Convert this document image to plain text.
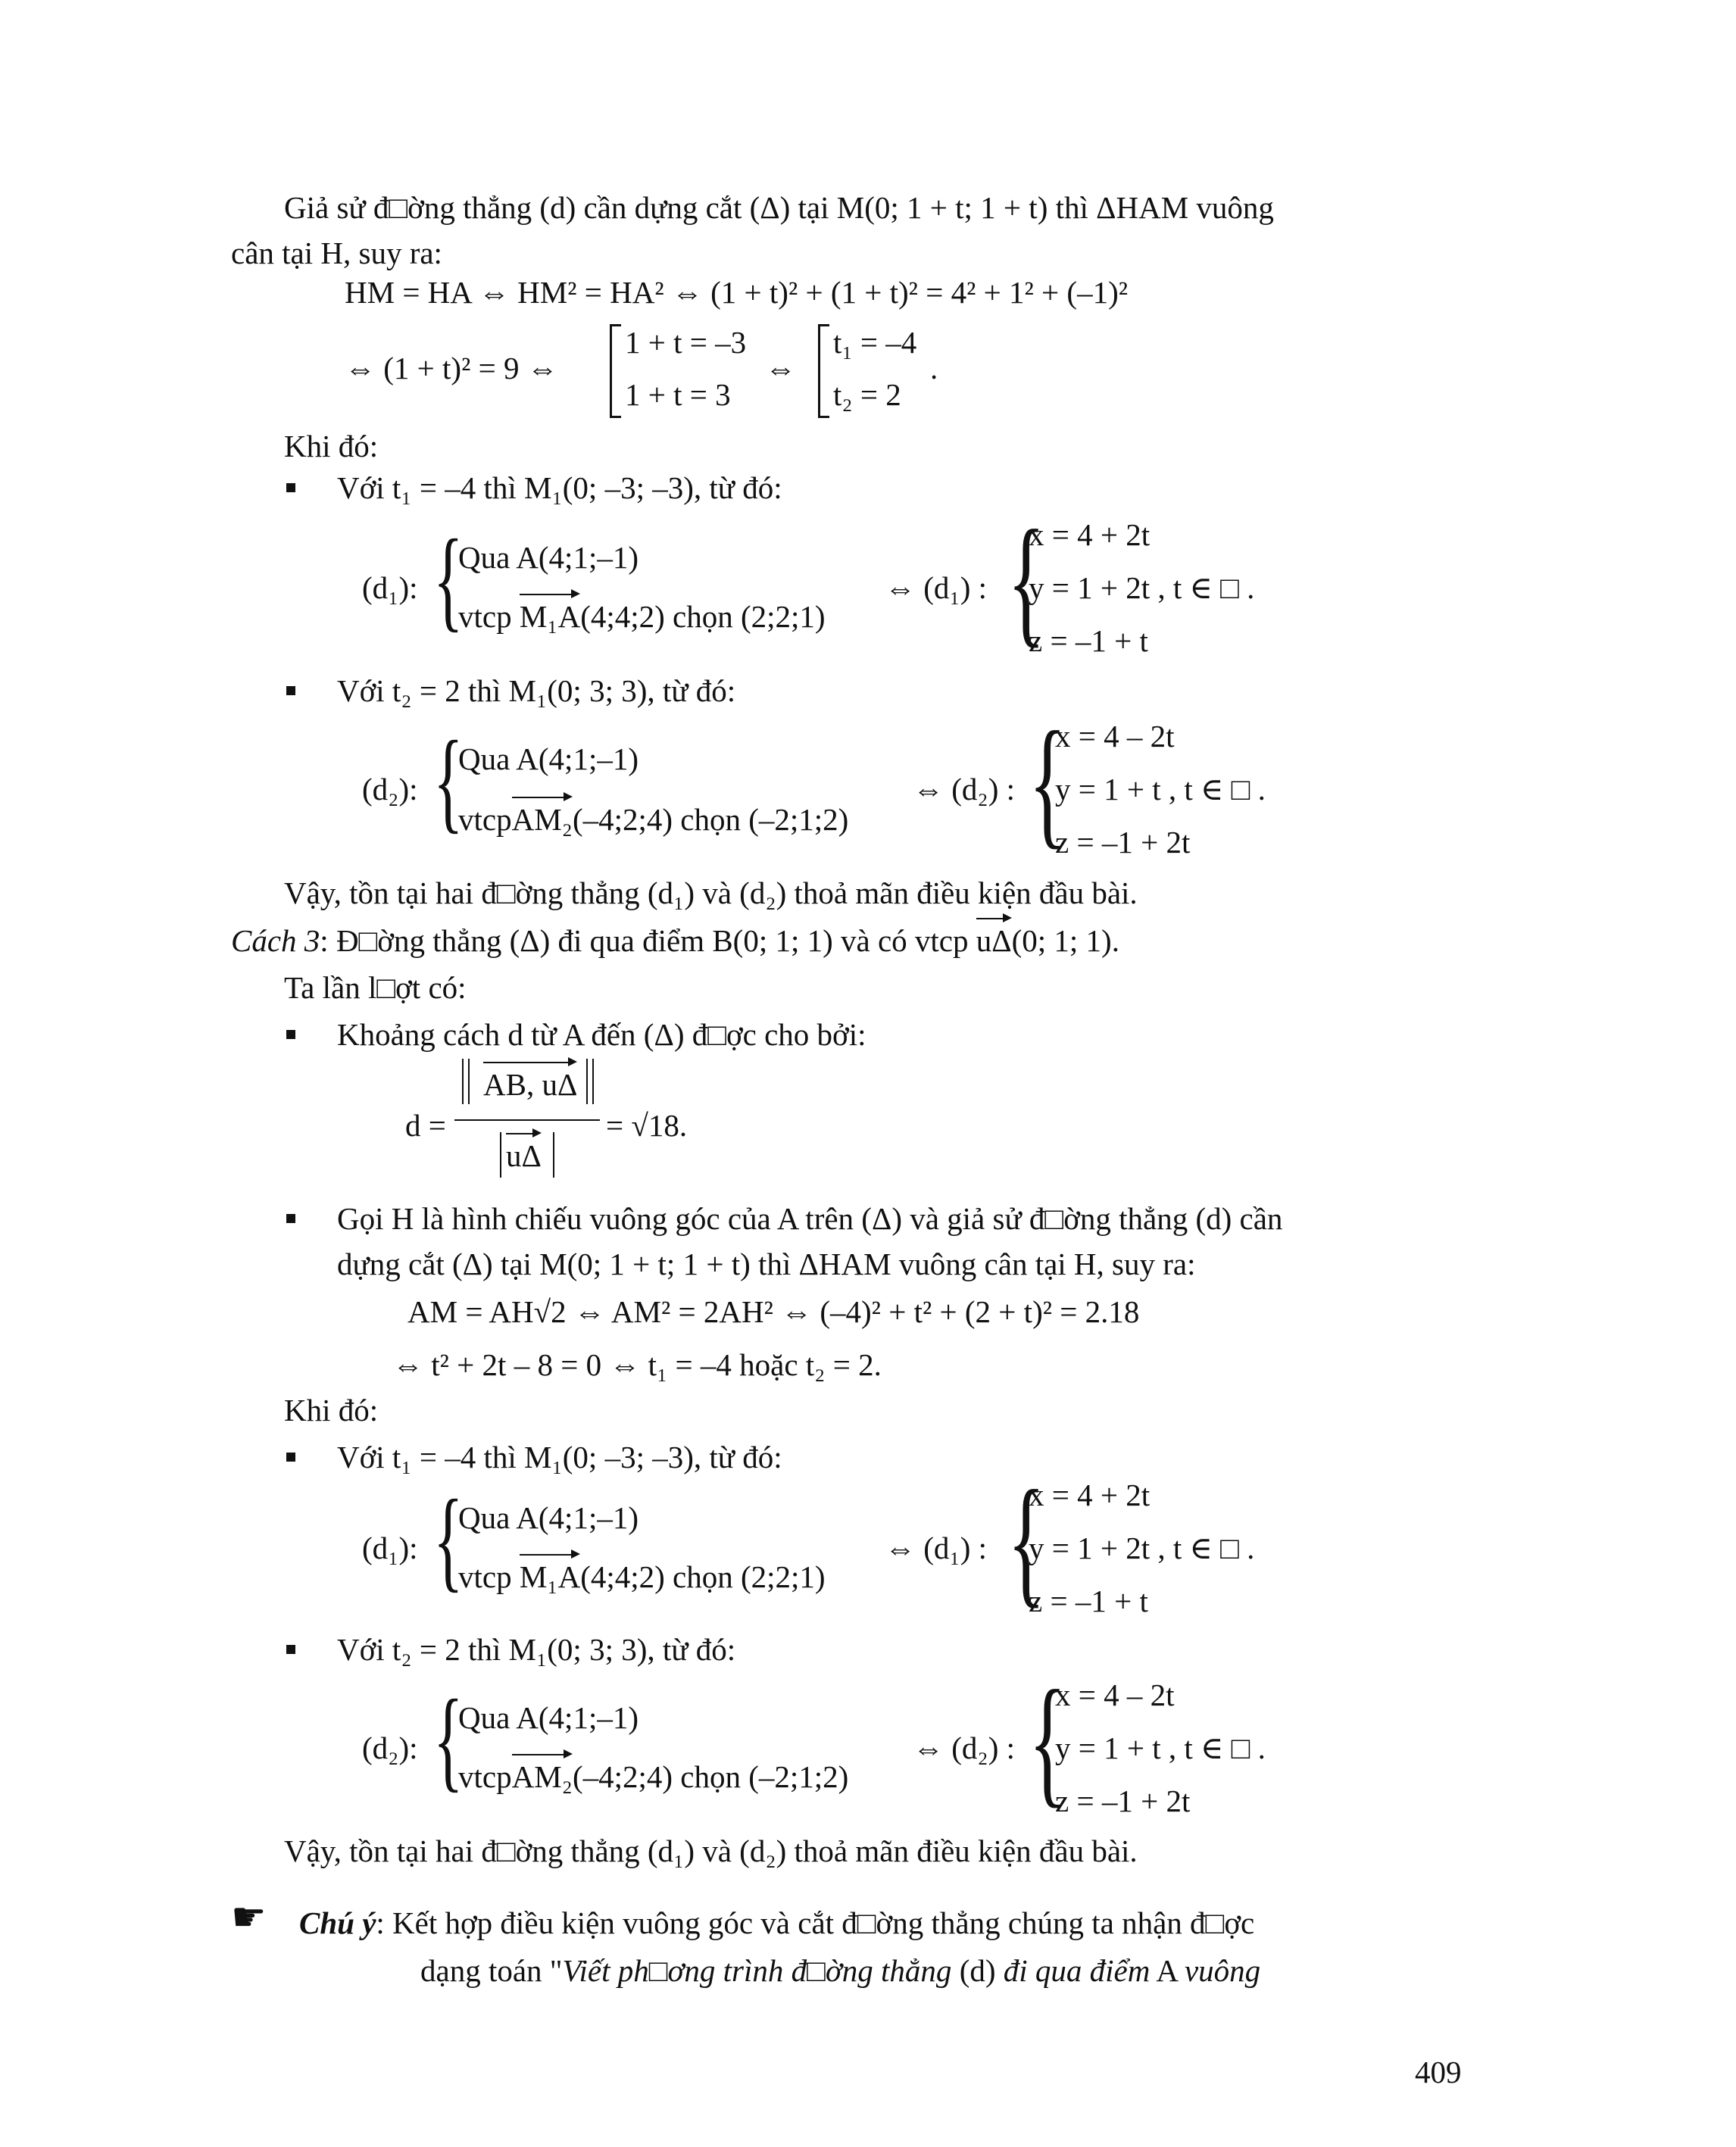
Giả sử đ□ờng thẳng (d) cần dựng cắt (Δ) tại M(0; 1 + t; 1 + t) thì ΔHAM vuông
cân tại H, suy ra:
HM = HA ⇔ HM² = HA² ⇔ (1 + t)² + (1 + t)² = 4² + 1² + (–1)²
⇔ (1 + t)² = 9 ⇔
1 + t = –3
1 + t = 3
⇔
t₁ = –4
t₂ = 2
.
Khi đó:
Với t₁ = –4 thì M₁(0; –3; –3), từ đó:
(d₁): {
Qua A(4;1;–1)
vtcp M₁A(4;4;2) chọn (2;2;1)
⇔ (d₁) : {
x = 4 + 2t
y = 1 + 2t , t ∈ □ .
z = –1 + t
Với t₂ = 2 thì M₁(0; 3; 3), từ đó:
(d₂): {
Qua A(4;1;–1)
vtcpAM₂(–4;2;4) chọn (–2;1;2)
⇔ (d₂) : {
x = 4 – 2t
y = 1 + t , t ∈ □ .
z = –1 + 2t
Vậy, tồn tại hai đ□ờng thẳng (d₁) và (d₂) thoả mãn điều kiện đầu bài.
Cách 3: Đ□ờng thẳng (Δ) đi qua điểm B(0; 1; 1) và có vtcp uΔ(0; 1; 1).
Ta lần l□ợt có:
Khoảng cách d từ A đến (Δ) đ□ợc cho bởi:
d =
AB, uΔ
uΔ
= √18.
Gọi H là hình chiếu vuông góc của A trên (Δ) và giả sử đ□ờng thẳng (d) cần
dựng cắt (Δ) tại M(0; 1 + t; 1 + t) thì ΔHAM vuông cân tại H, suy ra:
AM = AH√2 ⇔ AM² = 2AH² ⇔ (–4)² + t² + (2 + t)² = 2.18
⇔ t² + 2t – 8 = 0 ⇔ t₁ = –4 hoặc t₂ = 2.
Khi đó:
Với t₁ = –4 thì M₁(0; –3; –3), từ đó:
(d₁): {
Qua A(4;1;–1)
vtcp M₁A(4;4;2) chọn (2;2;1)
⇔ (d₁) : {
x = 4 + 2t
y = 1 + 2t , t ∈ □ .
z = –1 + t
Với t₂ = 2 thì M₁(0; 3; 3), từ đó:
(d₂): {
Qua A(4;1;–1)
vtcpAM₂(–4;2;4) chọn (–2;1;2)
⇔ (d₂) : {
x = 4 – 2t
y = 1 + t , t ∈ □ .
z = –1 + 2t
Vậy, tồn tại hai đ□ờng thẳng (d₁) và (d₂) thoả mãn điều kiện đầu bài.
☛ Chú ý: Kết hợp điều kiện vuông góc và cắt đ□ờng thẳng chúng ta nhận đ□ợc
dạng toán "Viết ph□ơng trình đ□ờng thẳng (d) đi qua điểm A vuông
409
